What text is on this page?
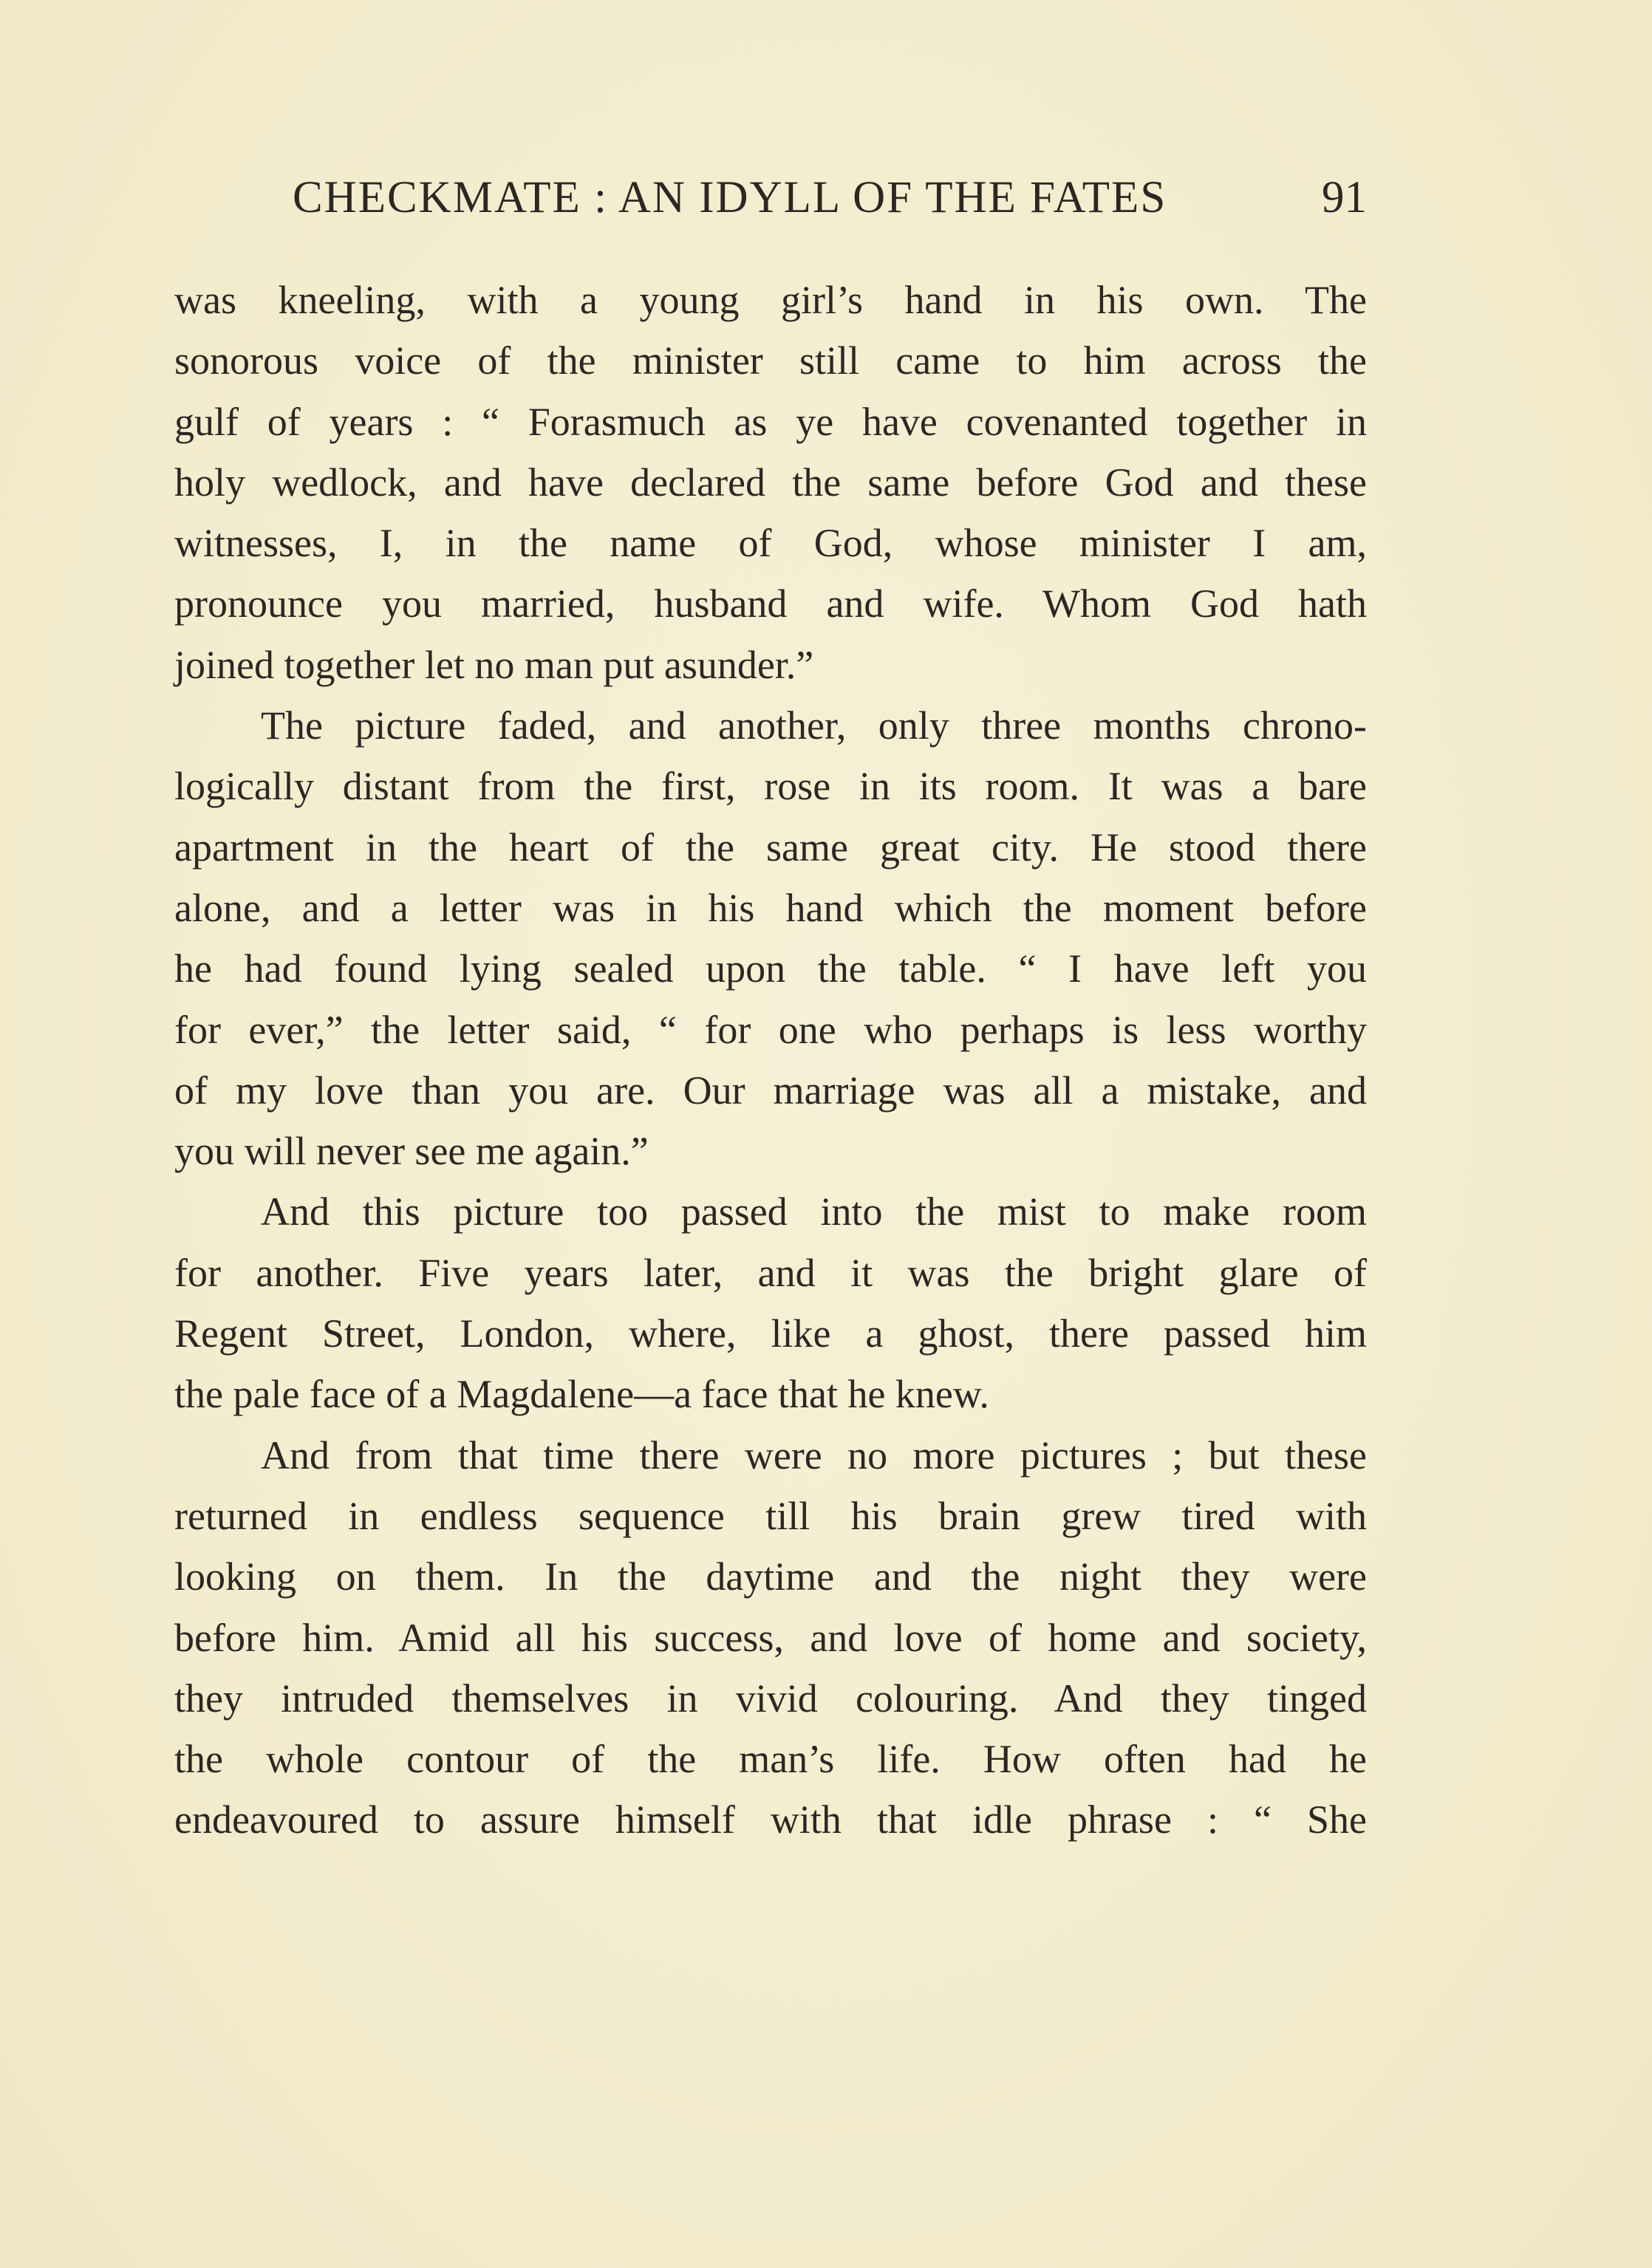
CHECKMATE : AN IDYLL OF THE FATES	91
was kneeling, with a young girl’s hand in his own. The
sonorous voice of the minister still came to him across the
gulf of years : “ Forasmuch as ye have covenanted together in
holy wedlock, and have declared the same before God and these
witnesses, I, in the name of God, whose minister I am,
pronounce you married, husband and wife. Whom God hath
joined together let no man put asunder.”
The picture faded, and another, only three months chrono-
logically distant from the first, rose in its room. It was a bare
apartment in the heart of the same great city. He stood there
alone, and a letter was in his hand which the moment before
he had found lying sealed upon the table. “ I have left you
for ever,” the letter said, “ for one who perhaps is less worthy
of my love than you are. Our marriage was all a mistake, and
you will never see me again.”
And this picture too passed into the mist to make room
for another. Five years later, and it was the bright glare of
Regent Street, London, where, like a ghost, there passed him
the pale face of a Magdalene—a face that he knew.
And from that time there were no more pictures ; but these
returned in endless sequence till his brain grew tired with
looking on them. In the daytime and the night they were
before him. Amid all his success, and love of home and society,
they intruded themselves in vivid colouring. And they tinged
the whole contour of the man’s life. How often had he
endeavoured to assure himself with that idle phrase : “ She
